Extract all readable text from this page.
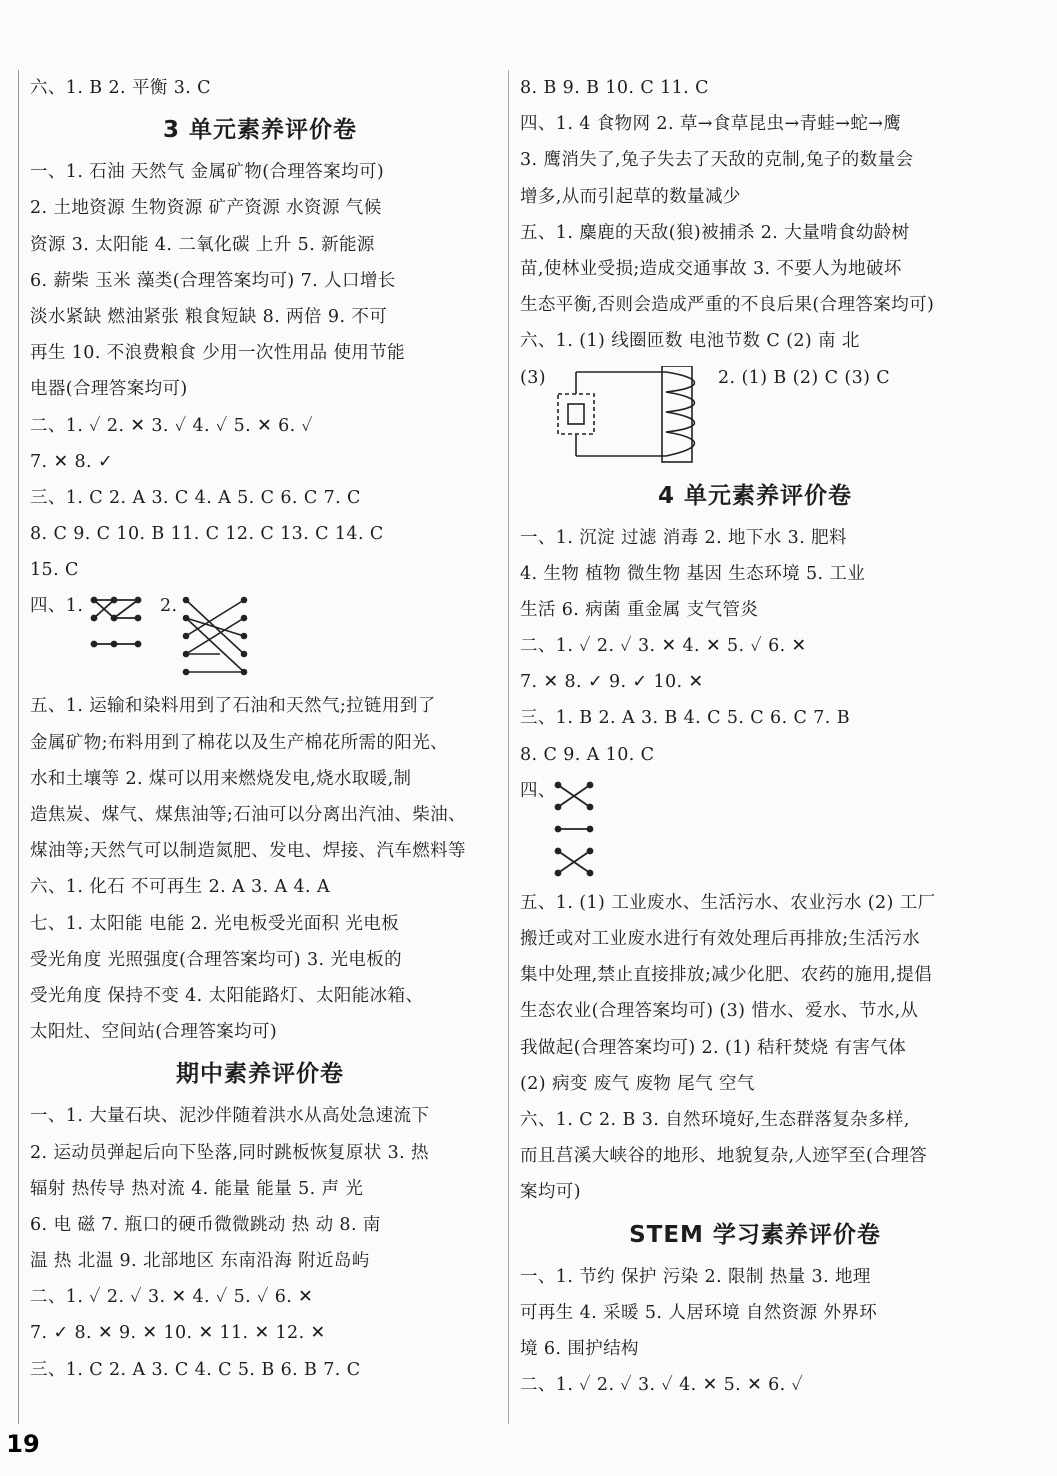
六、1. B 2. 平衡 3. C
3 单元素养评价卷
一、1. 石油 天然气 金属矿物(合理答案均可)
2. 土地资源 生物资源 矿产资源 水资源 气候
资源 3. 太阳能 4. 二氧化碳 上升 5. 新能源
6. 薪柴 玉米 藻类(合理答案均可) 7. 人口增长
淡水紧缺 燃油紧张 粮食短缺 8. 两倍 9. 不可
再生 10. 不浪费粮食 少用一次性用品 使用节能
电器(合理答案均可)
二、1. ✓ 2. ✕ 3. ✓ 4. ✓ 5. ✕ 6. ✓
7. ✕ 8. ✓
三、1. C 2. A 3. C 4. A 5. C 6. C 7. C
8. C 9. C 10. B 11. C 12. C 13. C 14. C
15. C
四、1.	2.
五、1. 运输和染料用到了石油和天然气;拉链用到了
金属矿物;布料用到了棉花以及生产棉花所需的阳光、
水和土壤等 2. 煤可以用来燃烧发电,烧水取暖,制
造焦炭、煤气、煤焦油等;石油可以分离出汽油、柴油、
煤油等;天然气可以制造氮肥、发电、焊接、汽车燃料等
六、1. 化石 不可再生 2. A 3. A 4. A
七、1. 太阳能 电能 2. 光电板受光面积 光电板
受光角度 光照强度(合理答案均可) 3. 光电板的
受光角度 保持不变 4. 太阳能路灯、太阳能冰箱、
太阳灶、空间站(合理答案均可)
期中素养评价卷
一、1. 大量石块、泥沙伴随着洪水从高处急速流下
2. 运动员弹起后向下坠落,同时跳板恢复原状 3. 热
辐射 热传导 热对流 4. 能量 能量 5. 声 光
6. 电 磁 7. 瓶口的硬币微微跳动 热 动 8. 南
温 热 北温 9. 北部地区 东南沿海 附近岛屿
二、1. ✓ 2. ✓ 3. ✕ 4. ✓ 5. ✓ 6. ✕
7. ✓ 8. ✕ 9. ✕ 10. ✕ 11. ✕ 12. ✕
三、1. C 2. A 3. C 4. C 5. B 6. B 7. C
8. B 9. B 10. C 11. C
四、1. 4 食物网 2. 草→食草昆虫→青蛙→蛇→鹰
3. 鹰消失了,兔子失去了天敌的克制,兔子的数量会
增多,从而引起草的数量减少
五、1. 麋鹿的天敌(狼)被捕杀 2. 大量啃食幼龄树
苗,使林业受损;造成交通事故 3. 不要人为地破坏
生态平衡,否则会造成严重的不良后果(合理答案均可)
六、1. (1) 线圈匝数 电池节数 C (2) 南 北
(3)	2. (1) B (2) C (3) C
4 单元素养评价卷
一、1. 沉淀 过滤 消毒 2. 地下水 3. 肥料
4. 生物 植物 微生物 基因 生态环境 5. 工业
生活 6. 病菌 重金属 支气管炎
二、1. ✓ 2. ✓ 3. ✕ 4. ✕ 5. ✓ 6. ✕
7. ✕ 8. ✓ 9. ✓ 10. ✕
三、1. B 2. A 3. B 4. C 5. C 6. C 7. B
8. C 9. A 10. C
四、
五、1. (1) 工业废水、生活污水、农业污水 (2) 工厂
搬迁或对工业废水进行有效处理后再排放;生活污水
集中处理,禁止直接排放;减少化肥、农药的施用,提倡
生态农业(合理答案均可) (3) 惜水、爱水、节水,从
我做起(合理答案均可) 2. (1) 秸秆焚烧 有害气体
(2) 病变 废气 废物 尾气 空气
六、1. C 2. B 3. 自然环境好,生态群落复杂多样,
而且莒溪大峡谷的地形、地貌复杂,人迹罕至(合理答
案均可)
STEM 学习素养评价卷
一、1. 节约 保护 污染 2. 限制 热量 3. 地理
可再生 4. 采暖 5. 人居环境 自然资源 外界环
境 6. 围护结构
二、1. ✓ 2. ✓ 3. ✓ 4. ✕ 5. ✕ 6. ✓
19
